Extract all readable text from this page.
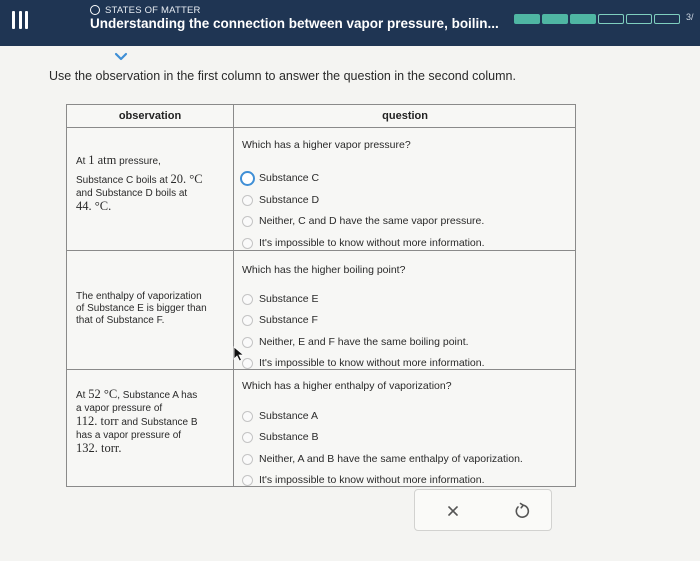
STATES OF MATTER
Understanding the connection between vapor pressure, boilin...	3/
Use the observation in the first column to answer the question in the second column.
observation	question
At 1 atm pressure,
Substance C boils at 20. °C
and Substance D boils at
44. °C.
Which has a higher vapor pressure?
Substance C
Substance D
Neither, C and D have the same vapor pressure.
It's impossible to know without more information.
The enthalpy of vaporization
of Substance E is bigger than
that of Substance F.
Which has the higher boiling point?
Substance E
Substance F
Neither, E and F have the same boiling point.
It's impossible to know without more information.
At 52 °C, Substance A has
a vapor pressure of
112. torr and Substance B
has a vapor pressure of
132. torr.
Which has a higher enthalpy of vaporization?
Substance A
Substance B
Neither, A and B have the same enthalpy of vaporization.
It's impossible to know without more information.
